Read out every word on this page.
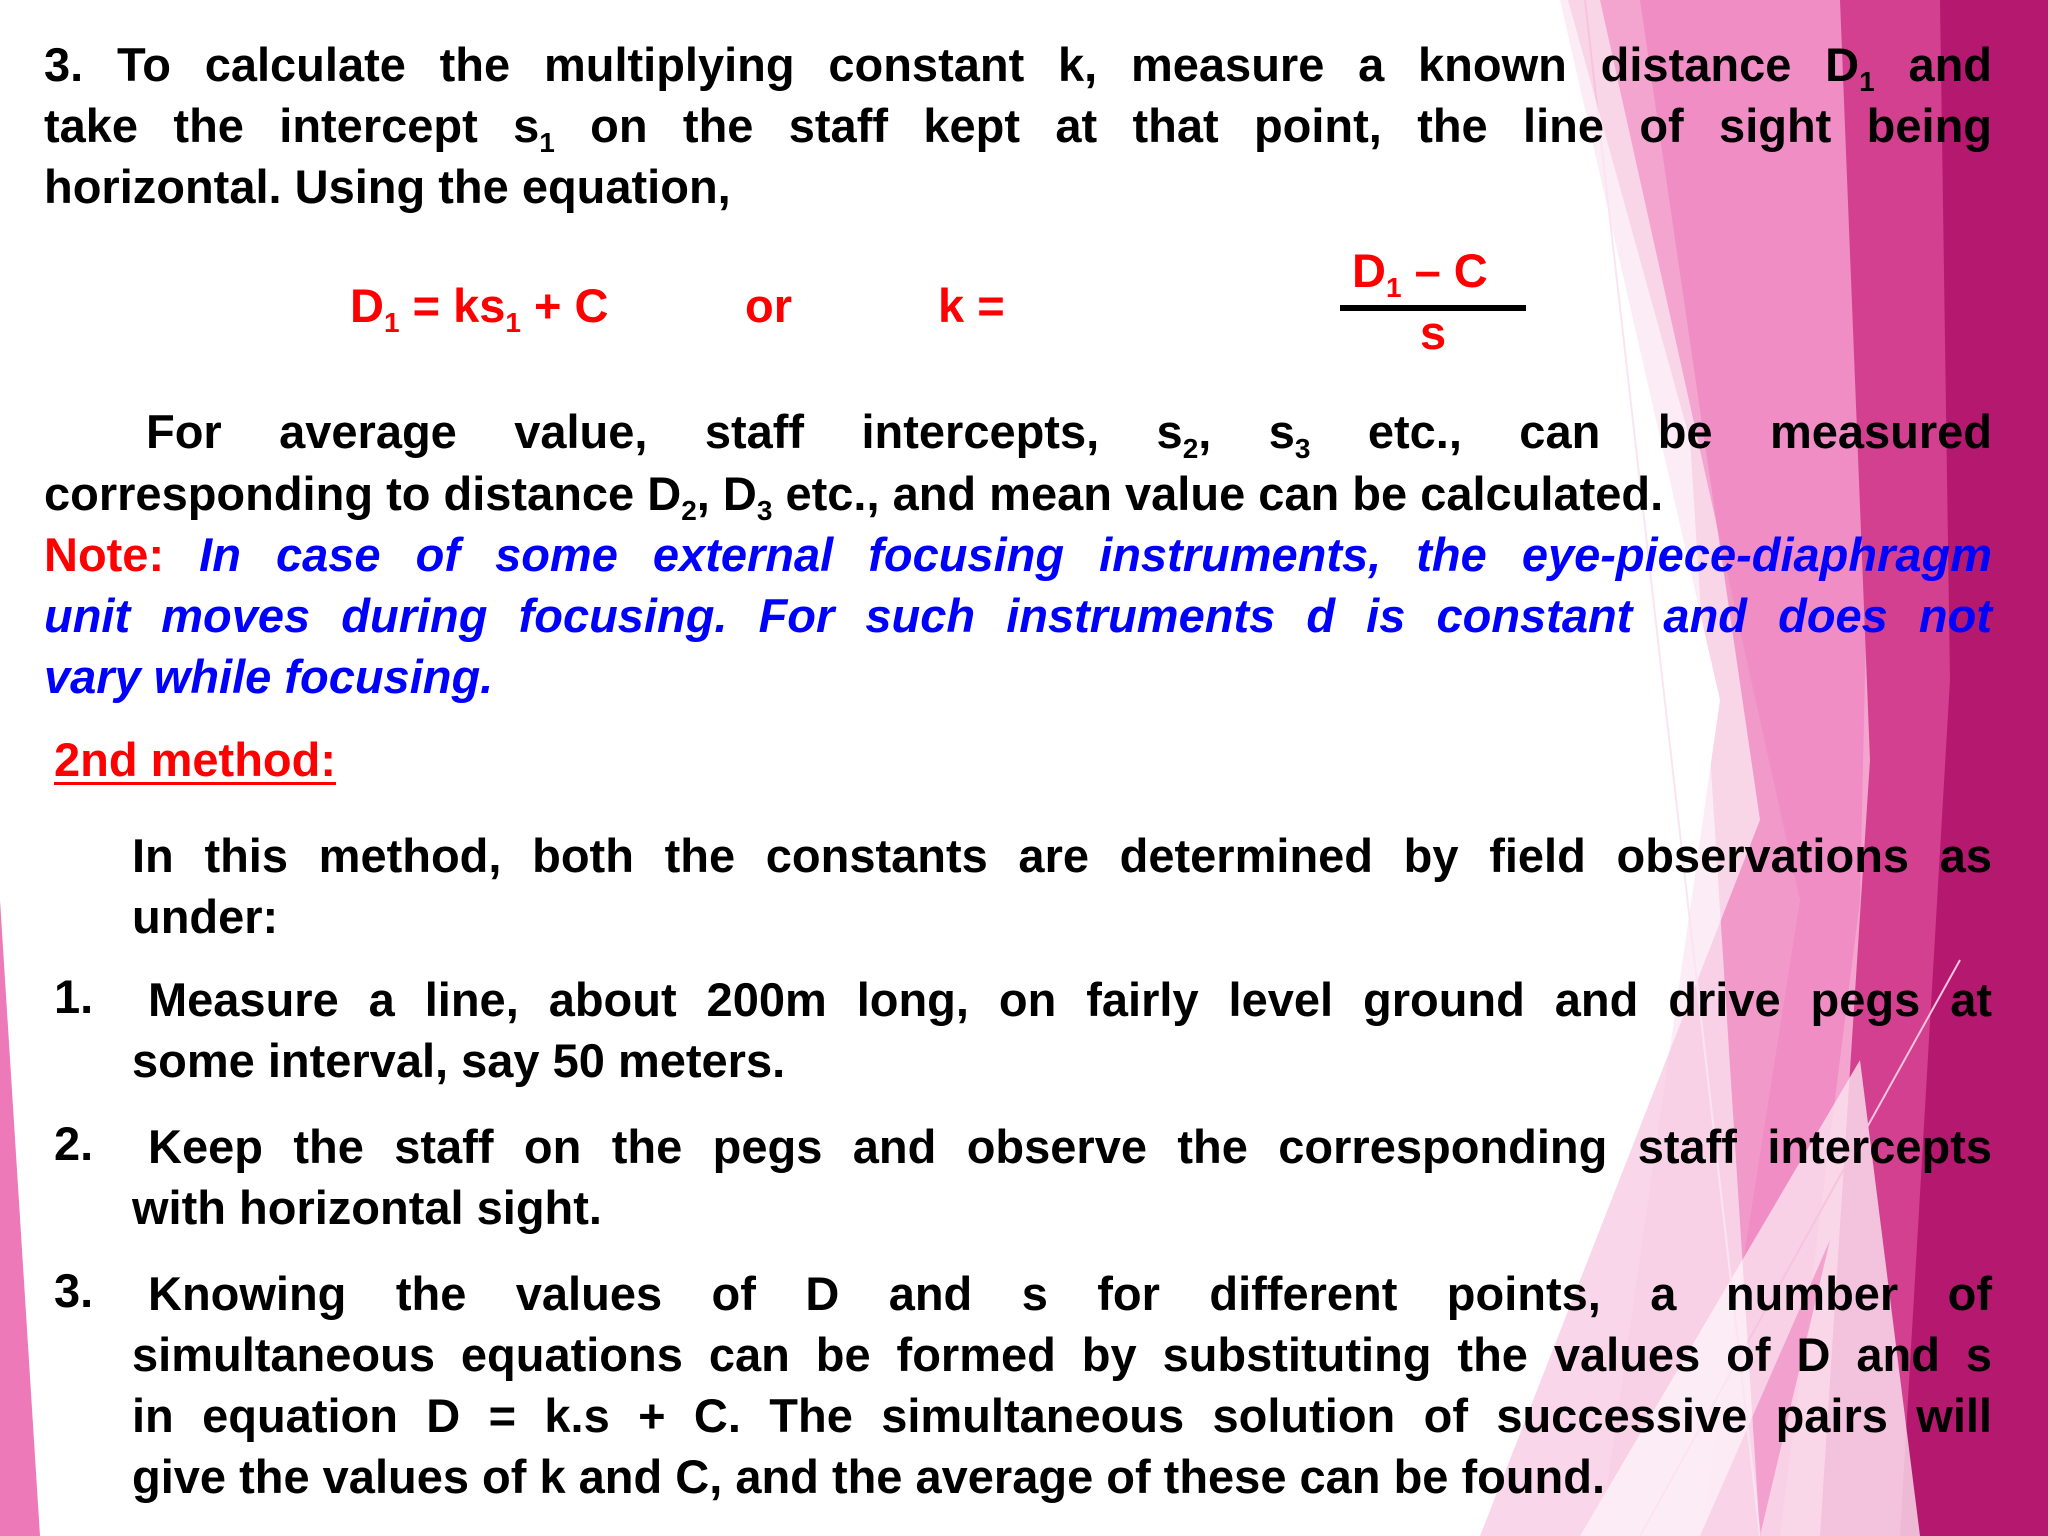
3. To calculate the multiplying constant k, measure a known distance $D_1$ and
take the intercept $s_1$ on the staff kept at that point, the line of sight being
horizontal. Using the equation,
$D_1 = ks_1 + C$	or	k =
$D_1$ – C
s
For average value, staff intercepts, $s_2$, $s_3$ etc., can be measured
corresponding to distance $D_2$, $D_3$ etc., and mean value can be calculated.
Note: In case of some external focusing instruments, the eye-piece-diaphragm
unit moves during focusing. For such instruments d is constant and does not
vary while focusing.
2nd method:
In this method, both the constants are determined by field observations as
under:
1. Measure a line, about 200m long, on fairly level ground and drive pegs at
some interval, say 50 meters.
2. Keep the staff on the pegs and observe the corresponding staff intercepts
with horizontal sight.
3. Knowing the values of D and s for different points, a number of
simultaneous equations can be formed by substituting the values of D and s
in equation D = k.s + C. The simultaneous solution of successive pairs will
give the values of k and C, and the average of these can be found.
